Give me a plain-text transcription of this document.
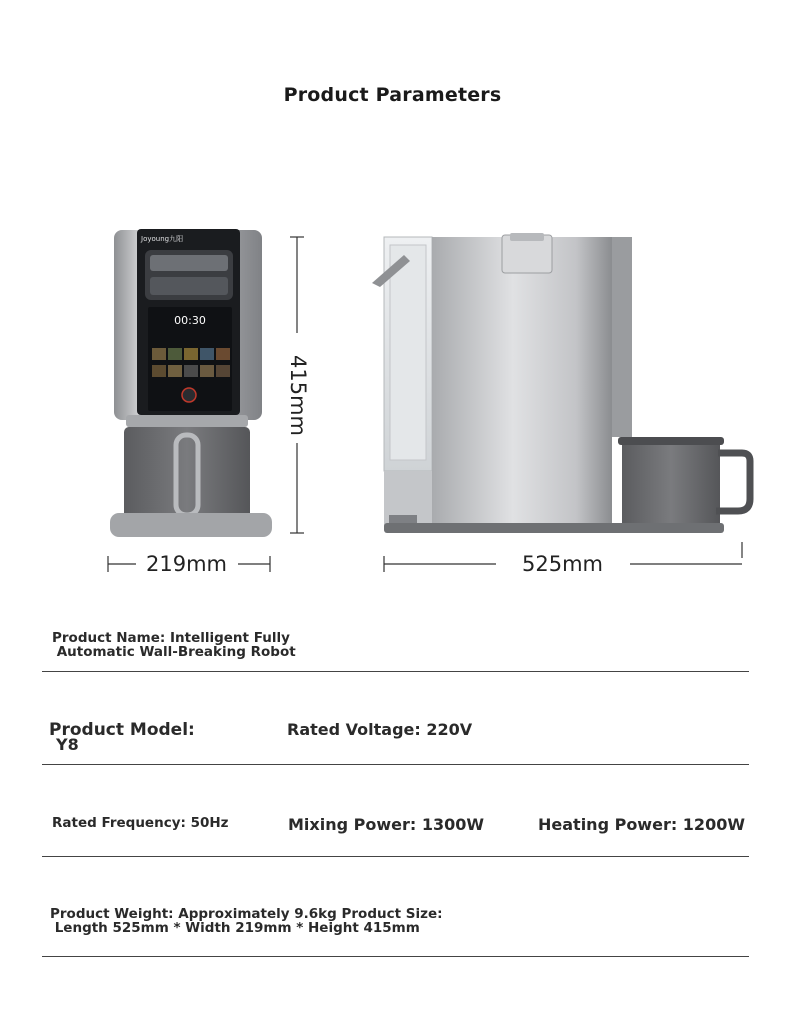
Product Parameters
Joyoung九阳
00:30
415mm
219mm	525mm
Product Name: Intelligent Fully
Automatic Wall-Breaking Robot
Product Model:
Y8
Rated Voltage: 220V
Rated Frequency: 50Hz	Mixing Power: 1300W	Heating Power: 1200W
Product Weight: Approximately 9.6kg Product Size:
Length 525mm * Width 219mm * Height 415mm
